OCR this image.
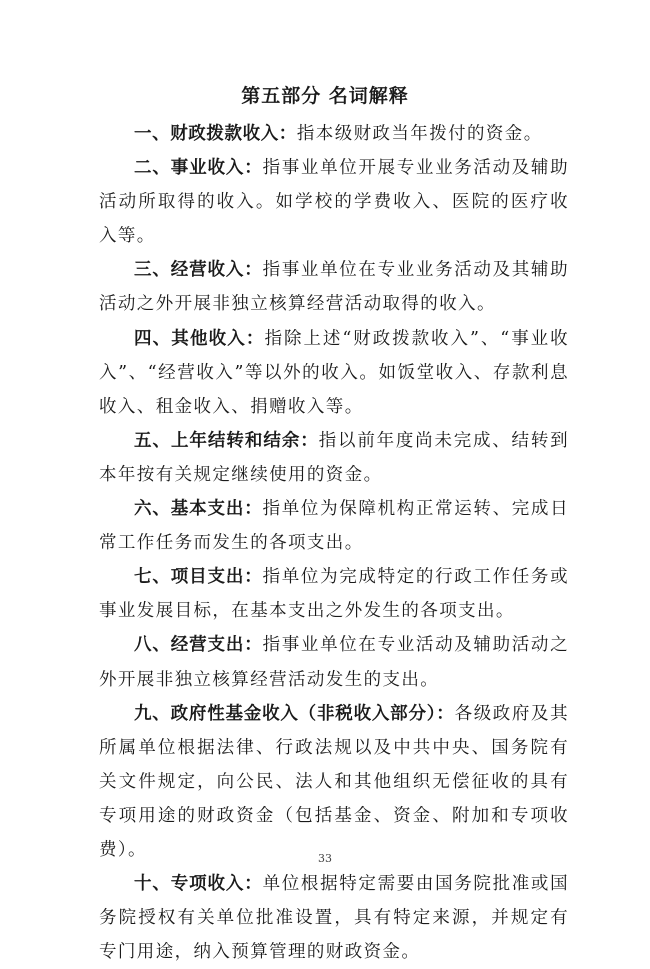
第五部分 名词解释

一、财政拨款收入：指本级财政当年拨付的资金。

二、事业收入：指事业单位开展专业业务活动及辅助活动所取得的收入。如学校的学费收入、医院的医疗收入等。

三、经营收入：指事业单位在专业业务活动及其辅助活动之外开展非独立核算经营活动取得的收入。

四、其他收入：指除上述“财政拨款收入”、“事业收入”、“经营收入”等以外的收入。如饭堂收入、存款利息收入、租金收入、捐赠收入等。

五、上年结转和结余：指以前年度尚未完成、结转到本年按有关规定继续使用的资金。

六、基本支出：指单位为保障机构正常运转、完成日常工作任务而发生的各项支出。

七、项目支出：指单位为完成特定的行政工作任务或事业发展目标，在基本支出之外发生的各项支出。

八、经营支出：指事业单位在专业活动及辅助活动之外开展非独立核算经营活动发生的支出。

九、政府性基金收入（非税收入部分）：各级政府及其所属单位根据法律、行政法规以及中共中央、国务院有关文件规定，向公民、法人和其他组织无偿征收的具有专项用途的财政资金（包括基金、资金、附加和专项收费）。

十、专项收入：单位根据特定需要由国务院批准或国务院授权有关单位批准设置，具有特定来源，并规定有专门用途，纳入预算管理的财政资金。

33
